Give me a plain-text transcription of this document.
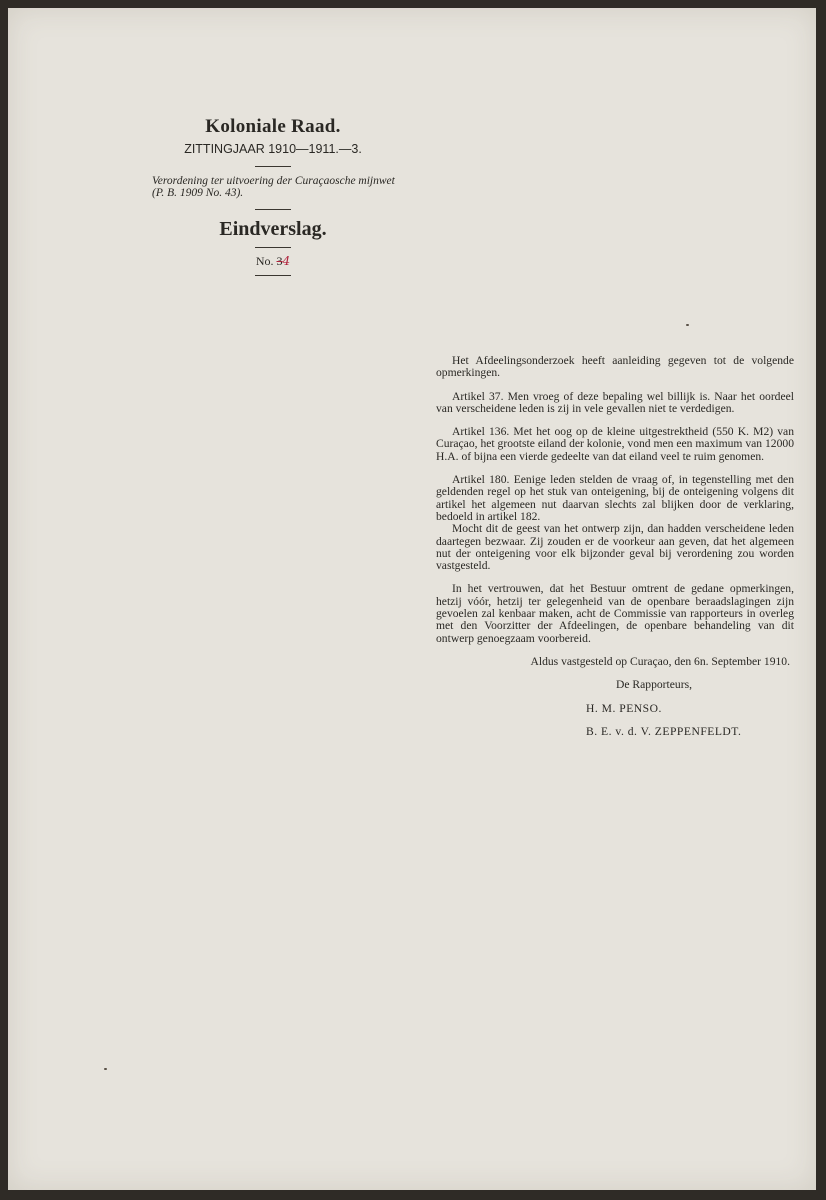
Koloniale Raad.
ZITTINGJAAR 1910—1911.—3.
Verordening ter uitvoering der Curaçaosche mijnwet (P. B. 1909 No. 43).
Eindverslag.
No. 34

Het Afdeelingsonderzoek heeft aanleiding gegeven tot de volgende opmerkingen.

Artikel 37. Men vroeg of deze bepaling wel billijk is. Naar het oordeel van verscheidene leden is zij in vele gevallen niet te verdedigen.

Artikel 136. Met het oog op de kleine uitgestrektheid (550 K. M2) van Curaçao, het grootste eiland der kolonie, vond men een maximum van 12000 H.A. of bijna een vierde gedeelte van dat eiland veel te ruim genomen.

Artikel 180. Eenige leden stelden de vraag of, in tegenstelling met den geldenden regel op het stuk van onteigening, bij de onteigening volgens dit artikel het algemeen nut daarvan slechts zal blijken door de verklaring, bedoeld in artikel 182.

Mocht dit de geest van het ontwerp zijn, dan hadden verscheidene leden daartegen bezwaar. Zij zouden er de voorkeur aan geven, dat het algemeen nut der onteigening voor elk bijzonder geval bij verordening zou worden vastgesteld.

In het vertrouwen, dat het Bestuur omtrent de gedane opmerkingen, hetzij vóór, hetzij ter gelegenheid van de openbare beraadslagingen zijn gevoelen zal kenbaar maken, acht de Commissie van rapporteurs in overleg met den Voorzitter der Afdeelingen, de openbare behandeling van dit ontwerp genoegzaam voorbereid.

Aldus vastgesteld op Curaçao, den 6n. September 1910.
De Rapporteurs,
H. M. PENSO.
B. E. v. d. V. ZEPPENFELDT.
